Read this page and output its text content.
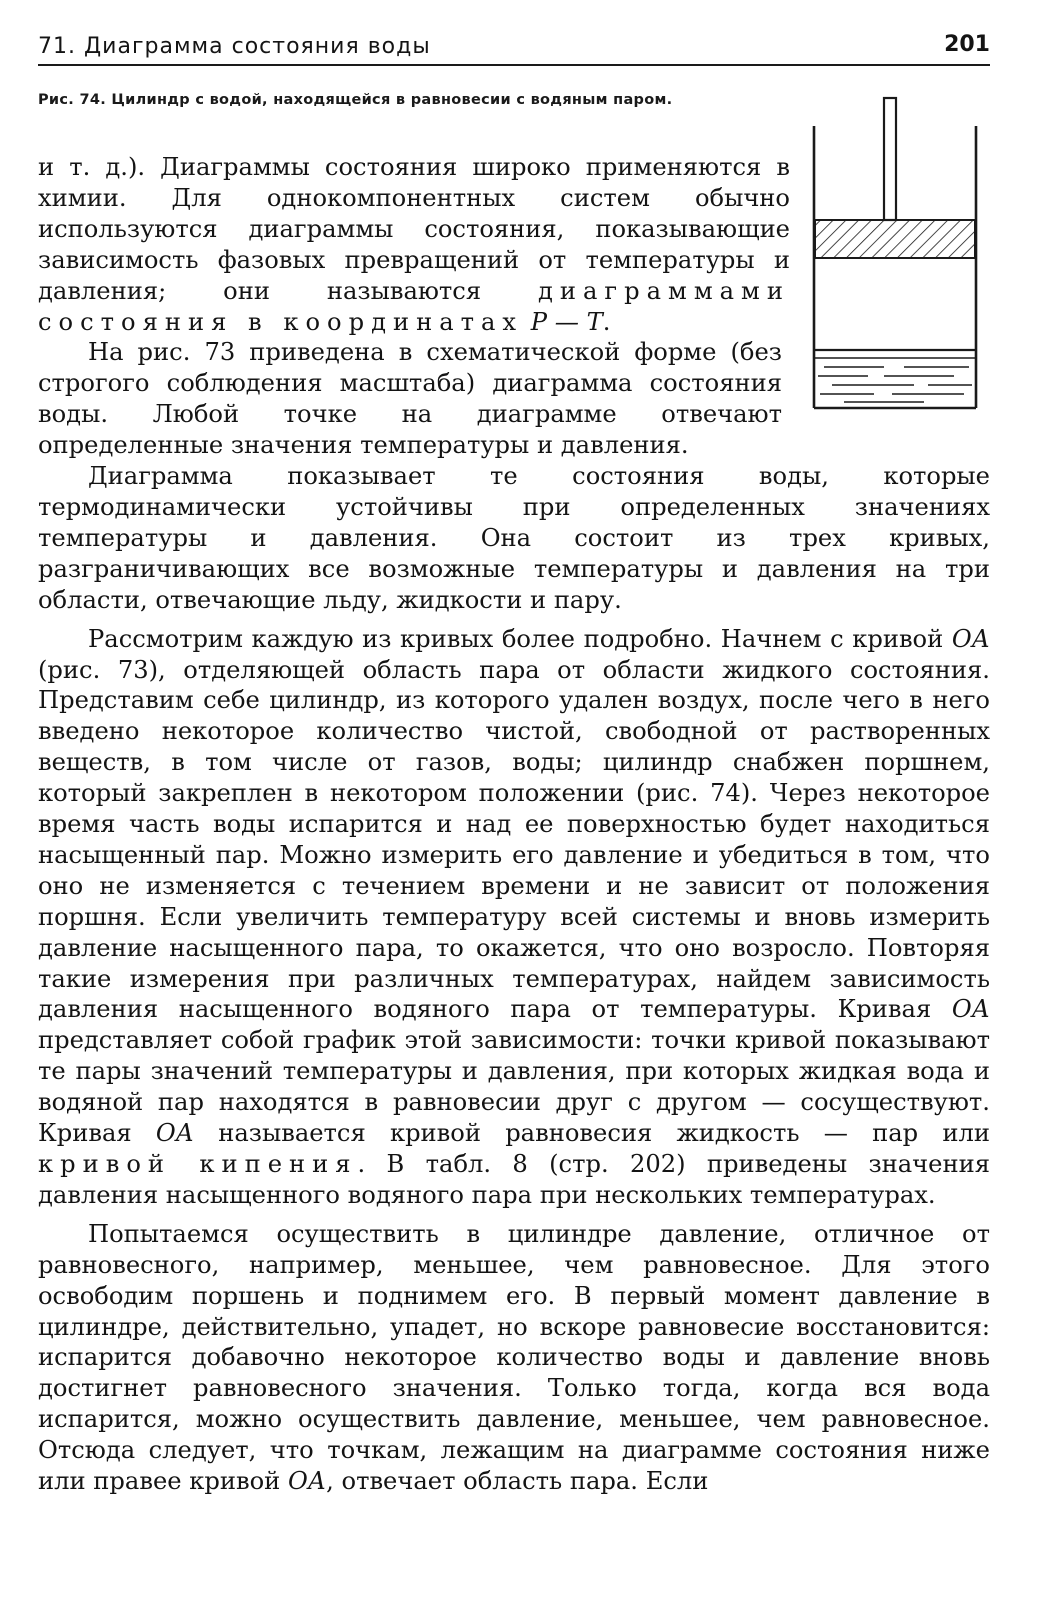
71. Диаграмма состояния воды	201
Рис. 74. Цилиндр с водой, находящейся в равновесии с водяным паром.

и т. д.). Диаграммы состояния широко применяются в химии. Для однокомпонентных систем обычно используются диаграммы состояния, показывающие зависимость фазовых превращений от температуры и давления; они называются диаграммами состояния в координатах Р — Т.

На рис. 73 приведена в схематической форме (без строгого соблюдения масштаба) диаграмма состояния воды. Любой точке на диаграмме отвечают определенные значения температуры и давления.

Диаграмма показывает те состояния воды, которые термодинамически устойчивы при определенных значениях температуры и давления. Она состоит из трех кривых, разграничивающих все возможные температуры и давления на три области, отвечающие льду, жидкости и пару.

Рассмотрим каждую из кривых более подробно. Начнем с кривой ОА (рис. 73), отделяющей область пара от области жидкого состояния. Представим себе цилиндр, из которого удален воздух, после чего в него введено некоторое количество чистой, свободной от растворенных веществ, в том числе от газов, воды; цилиндр снабжен поршнем, который закреплен в некотором положении (рис. 74). Через некоторое время часть воды испарится и над ее поверхностью будет находиться насыщенный пар. Можно измерить его давление и убедиться в том, что оно не изменяется с течением времени и не зависит от положения поршня. Если увеличить температуру всей системы и вновь измерить давление насыщенного пара, то окажется, что оно возросло. Повторяя такие измерения при различных температурах, найдем зависимость давления насыщенного водяного пара от температуры. Кривая ОА представляет собой график этой зависимости: точки кривой показывают те пары значений температуры и давления, при которых жидкая вода и водяной пар находятся в равновесии друг с другом — сосуществуют. Кривая ОА называется кривой равновесия жидкость — пар или кривой кипения. В табл. 8 (стр. 202) приведены значения давления насыщенного водяного пара при нескольких температурах.

Попытаемся осуществить в цилиндре давление, отличное от равновесного, например, меньшее, чем равновесное. Для этого освободим поршень и поднимем его. В первый момент давление в цилиндре, действительно, упадет, но вскоре равновесие восстановится: испарится добавочно некоторое количество воды и давление вновь достигнет равновесного значения. Только тогда, когда вся вода испарится, можно осуществить давление, меньшее, чем равновесное. Отсюда следует, что точкам, лежащим на диаграмме состояния ниже или правее кривой ОА, отвечает область пара. Если
